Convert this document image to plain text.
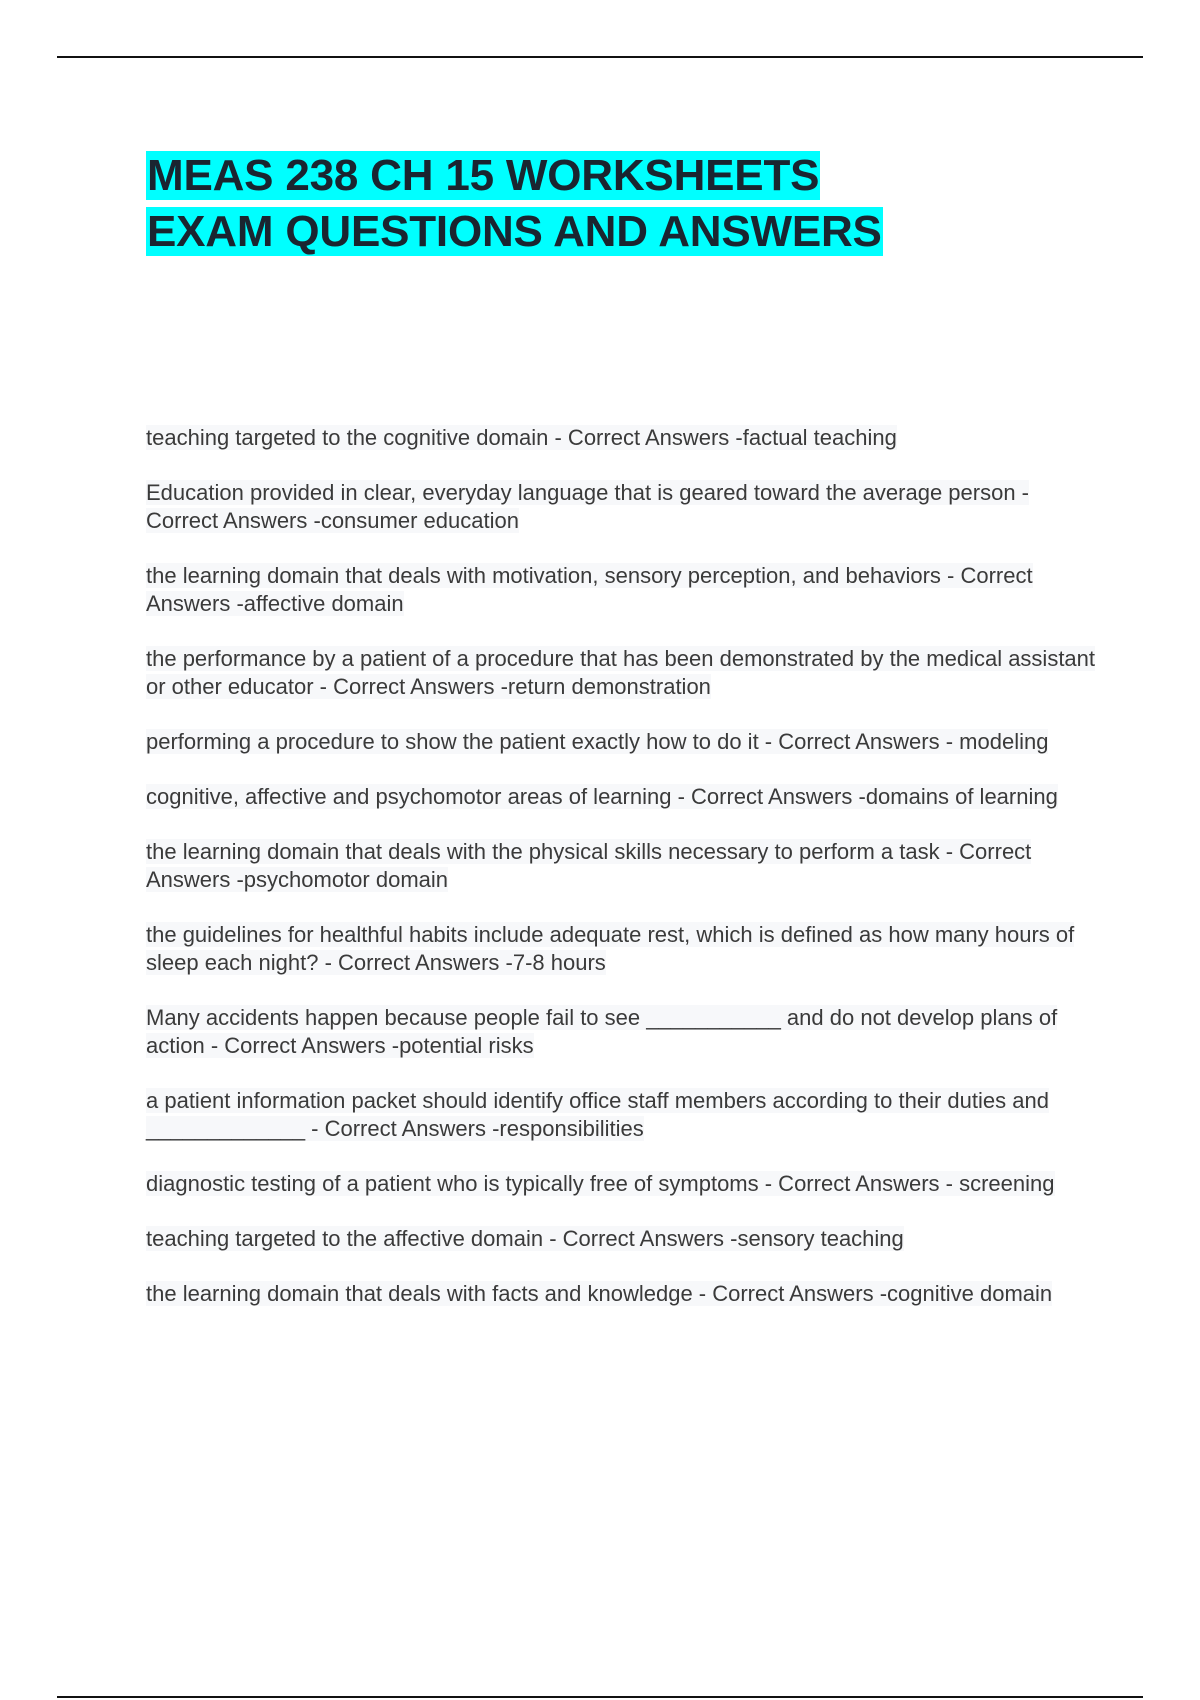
MEAS 238 CH 15 WORKSHEETS
EXAM QUESTIONS AND ANSWERS
teaching targeted to the cognitive domain - Correct Answers -factual teaching
Education provided in clear, everyday language that is geared toward the average person - Correct Answers -consumer education
the learning domain that deals with motivation, sensory perception, and behaviors - Correct Answers -affective domain
the performance by a patient of a procedure that has been demonstrated by the medical assistant or other educator - Correct Answers -return demonstration
performing a procedure to show the patient exactly how to do it - Correct Answers - modeling
cognitive, affective and psychomotor areas of learning - Correct Answers -domains of learning
the learning domain that deals with the physical skills necessary to perform a task - Correct Answers -psychomotor domain
the guidelines for healthful habits include adequate rest, which is defined as how many hours of sleep each night? - Correct Answers -7-8 hours
Many accidents happen because people fail to see ___________ and do not develop plans of action - Correct Answers -potential risks
a patient information packet should identify office staff members according to their duties and _____________ - Correct Answers -responsibilities
diagnostic testing of a patient who is typically free of symptoms - Correct Answers - screening
teaching targeted to the affective domain - Correct Answers -sensory teaching
the learning domain that deals with facts and knowledge - Correct Answers -cognitive domain
